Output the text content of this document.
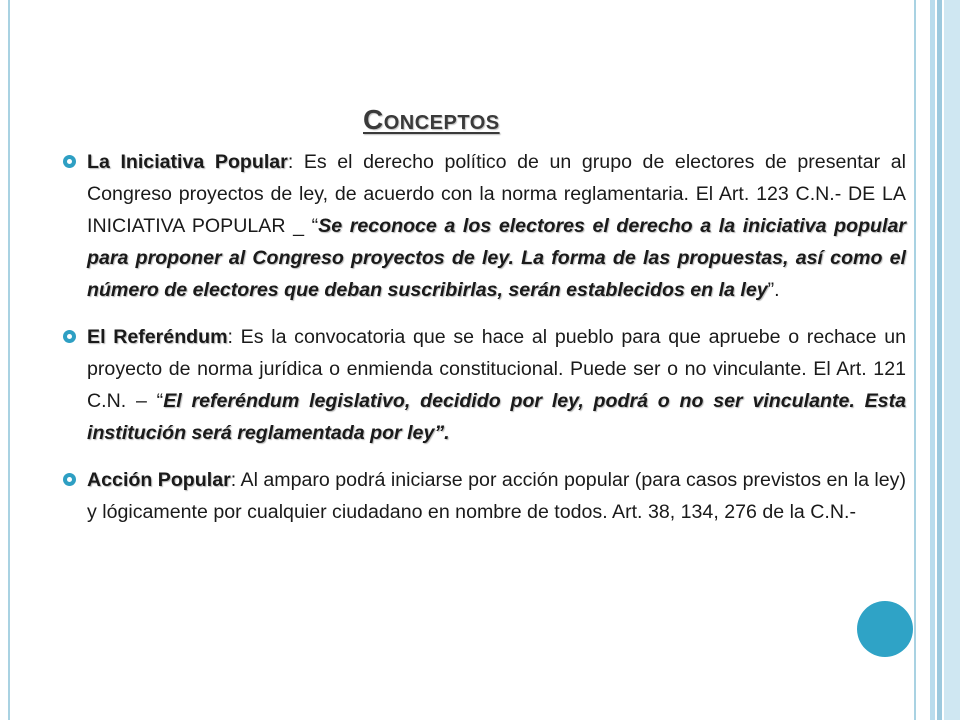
Conceptos

La Iniciativa Popular: Es el derecho político de un grupo de electores de presentar al Congreso proyectos de ley, de acuerdo con la norma reglamentaria. El Art. 123 C.N.- DE LA INICIATIVA POPULAR _ “Se reconoce a los electores el derecho a la iniciativa popular para proponer al Congreso proyectos de ley. La forma de las propuestas, así como el número de electores que deban suscribirlas, serán establecidos en la ley”.

El Referéndum: Es la convocatoria que se hace al pueblo para que apruebe o rechace un proyecto de norma jurídica o enmienda constitucional. Puede ser o no vinculante. El Art. 121 C.N. – “El referéndum legislativo, decidido por ley, podrá o no ser vinculante. Esta institución será reglamentada por ley”.

Acción Popular: Al amparo podrá iniciarse por acción popular (para casos previstos en la ley) y lógicamente por cualquier ciudadano en nombre de todos. Art. 38, 134, 276 de la C.N.-
